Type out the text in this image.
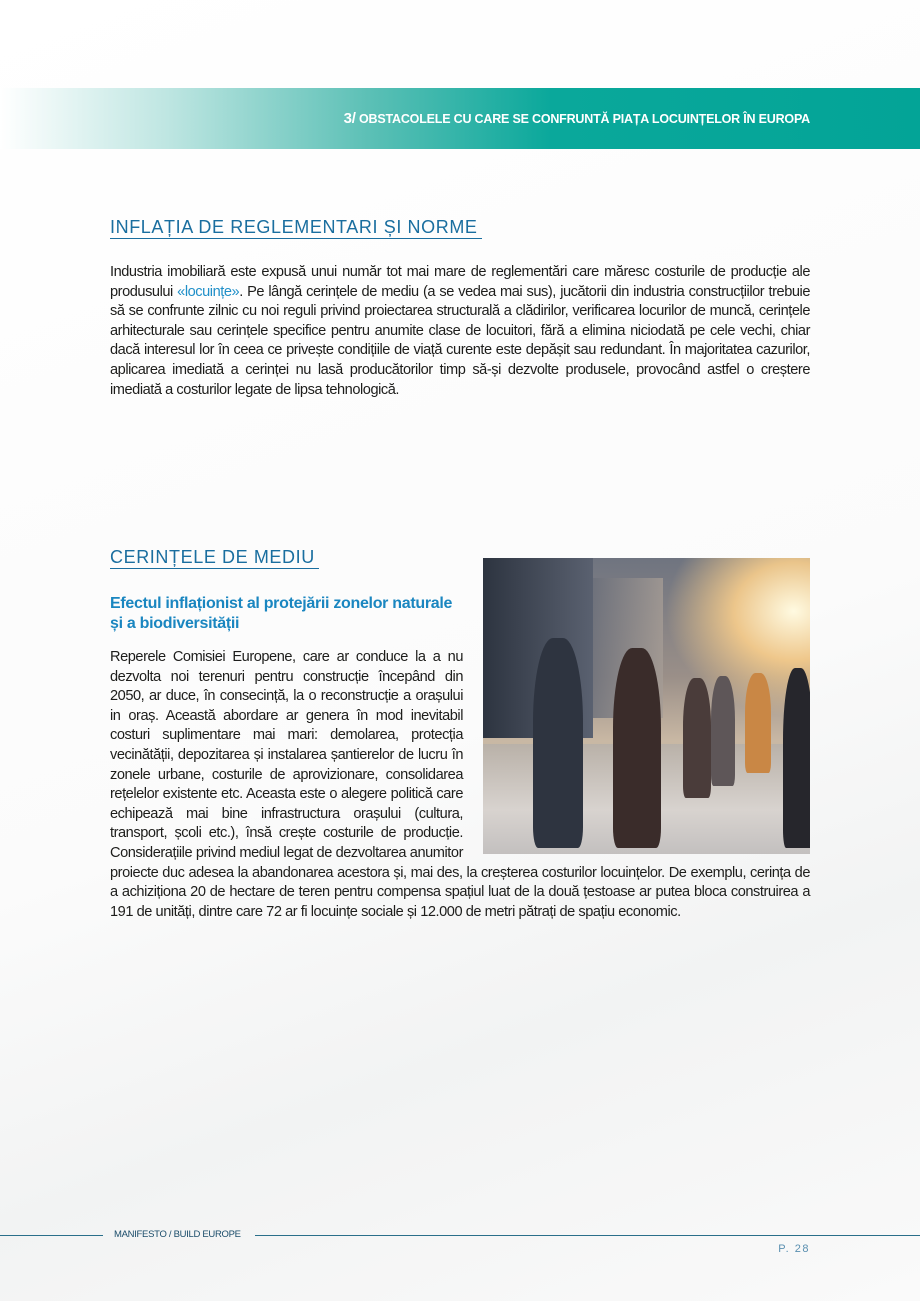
3/ OBSTACOLELE CU CARE SE CONFRUNTĂ PIAȚA LOCUINȚELOR ÎN EUROPA
INFLAȚIA DE REGLEMENTARI ȘI NORME

Industria imobiliară este expusă unui număr tot mai mare de reglementări care măresc costurile de producție ale produsului «locuințe». Pe lângă cerințele de mediu (a se vedea mai sus), jucătorii din industria construcțiilor trebuie să se confrunte zilnic cu noi reguli privind proiectarea structurală a clădirilor, verificarea locurilor de muncă, cerințele arhitecturale sau cerințele specifice pentru anumite clase de locuitori, fără a elimina niciodată pe cele vechi, chiar dacă interesul lor în ceea ce privește condițiile de viață curente este depășit sau redundant. În majoritatea cazurilor, aplicarea imediată a cerinței nu lasă producătorilor timp să-și dezvolte produsele, provocând astfel o creștere imediată a costurilor legate de lipsa tehnologică.

CERINȚELE DE MEDIU
Efectul inflaționist al protejării zonelor naturale și a biodiversității

Reperele Comisiei Europene, care ar conduce la a nu dezvolta noi terenuri pentru construcție începând din 2050, ar duce, în consecință, la o reconstrucție a orașului in oraș. Această abordare ar genera în mod inevitabil costuri suplimentare mai mari: demolarea, protecția vecinătății, depozitarea și instalarea șantierelor de lucru în zonele urbane, costurile de aprovizionare, consolidarea rețelelor existente etc. Aceasta este o alegere politică care echipează mai bine infrastructura orașului (cultura, transport, școli etc.), însă crește costurile de producție. Considerațiile privind mediul legat de dezvoltarea anumitor proiecte duc adesea la abandonarea acestora și, mai des, la creșterea costurilor locuințelor. De exemplu, cerința de a achiziționa 20 de hectare de teren pentru compensa spațiul luat de la două țestoase ar putea bloca construirea a 191 de unități, dintre care 72 ar fi locuințe sociale și 12.000 de metri pătrați de spațiu economic.

MANIFESTO / BUILD EUROPE
P. 28
